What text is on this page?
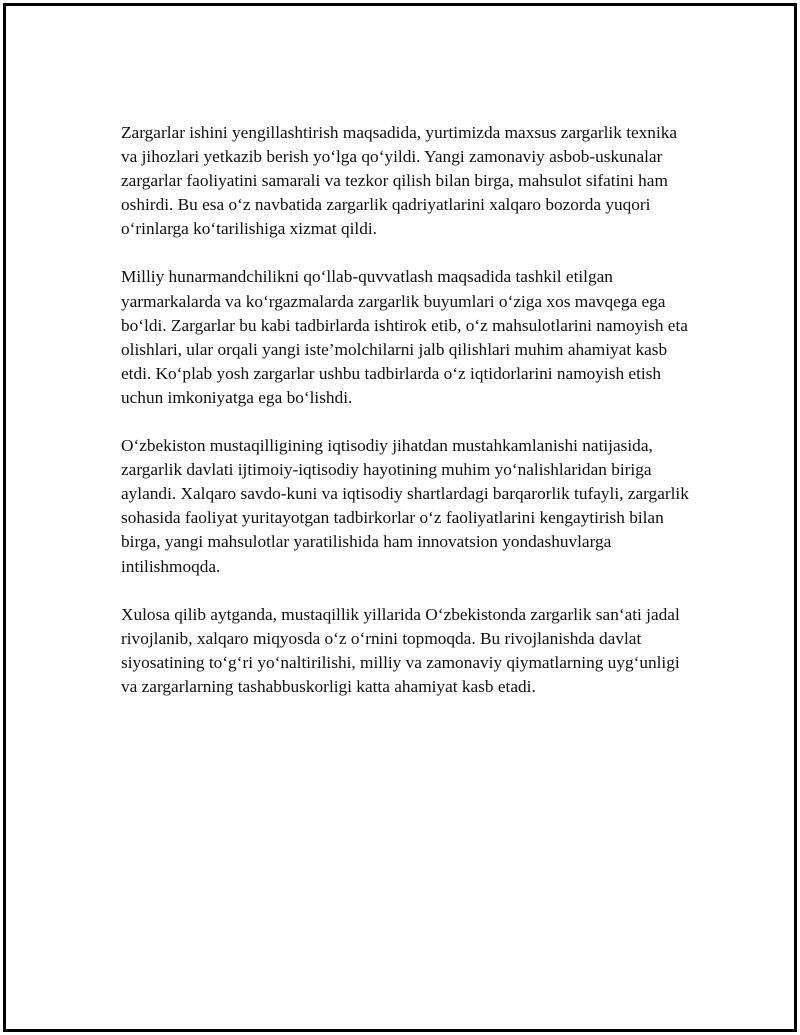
Zargarlar ishini yengillashtirish maqsadida, yurtimizda maxsus zargarlik texnika va jihozlari yetkazib berish yo‘lga qo‘yildi. Yangi zamonaviy asbob-uskunalar zargarlar faoliyatini samarali va tezkor qilish bilan birga, mahsulot sifatini ham oshirdi. Bu esa o‘z navbatida zargarlik qadriyatlarini xalqaro bozorda yuqori o‘rinlarga ko‘tarilishiga xizmat qildi.

Milliy hunarmandchilikni qo‘llab-quvvatlash maqsadida tashkil etilgan yarmarkalarda va ko‘rgazmalarda zargarlik buyumlari o‘ziga xos mavqega ega bo‘ldi. Zargarlar bu kabi tadbirlarda ishtirok etib, o‘z mahsulotlarini namoyish eta olishlari, ular orqali yangi iste’molchilarni jalb qilishlari muhim ahamiyat kasb etdi. Ko‘plab yosh zargarlar ushbu tadbirlarda o‘z iqtidorlarini namoyish etish uchun imkoniyatga ega bo‘lishdi.

O‘zbekiston mustaqilligining iqtisodiy jihatdan mustahkamlanishi natijasida, zargarlik davlati ijtimoiy-iqtisodiy hayotining muhim yo‘nalishlaridan biriga aylandi. Xalqaro savdo-kuni va iqtisodiy shartlardagi barqarorlik tufayli, zargarlik sohasida faoliyat yuritayotgan tadbirkorlar o‘z faoliyatlarini kengaytirish bilan birga, yangi mahsulotlar yaratilishida ham innovatsion yondashuvlarga intilishmoqda.

Xulosa qilib aytganda, mustaqillik yillarida O‘zbekistonda zargarlik san‘ati jadal rivojlanib, xalqaro miqyosda o‘z o‘rnini topmoqda. Bu rivojlanishda davlat siyosatining to‘g‘ri yo‘naltirilishi, milliy va zamonaviy qiymatlarning uyg‘unligi va zargarlarning tashabbuskorligi katta ahamiyat kasb etadi.
